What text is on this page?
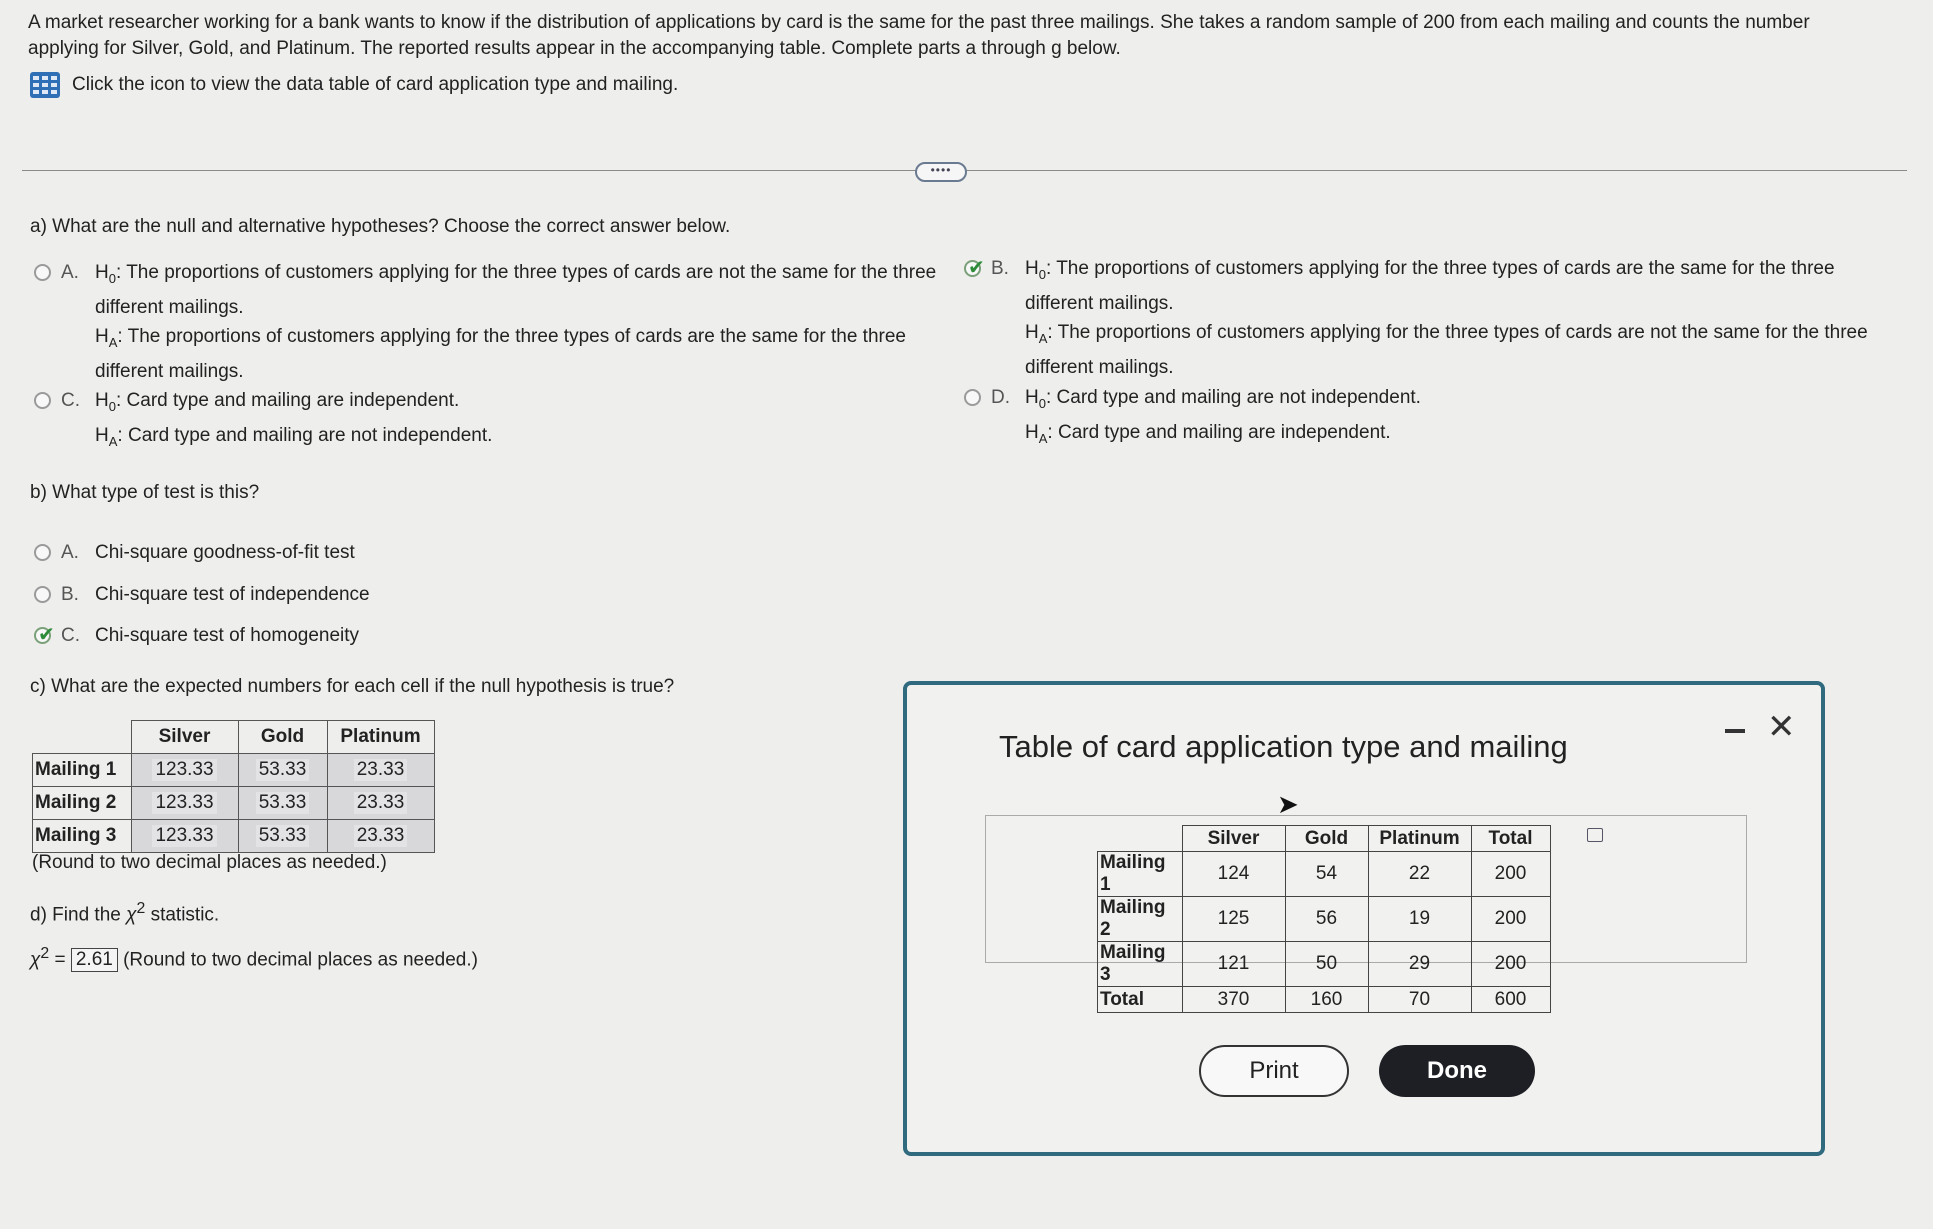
A market researcher working for a bank wants to know if the distribution of applications by card is the same for the past three mailings. She takes a random sample of 200 from each mailing and counts the number applying for Silver, Gold, and Platinum. The reported results appear in the accompanying table. Complete parts a through g below.
Click the icon to view the data table of card application type and mailing.
••••
a) What are the null and alternative hypotheses? Choose the correct answer below.
A. $H_0$: The proportions of customers applying for the three types of cards are not the same for the three different mailings.
$H_A$: The proportions of customers applying for the three types of cards are the same for the three different mailings.
✔ B. $H_0$: The proportions of customers applying for the three types of cards are the same for the three different mailings.
$H_A$: The proportions of customers applying for the three types of cards are not the same for the three different mailings.
C. $H_0$: Card type and mailing are independent.
$H_A$: Card type and mailing are not independent.
D. $H_0$: Card type and mailing are not independent.
$H_A$: Card type and mailing are independent.
b) What type of test is this?
A. Chi-square goodness-of-fit test
B. Chi-square test of independence
✔ C. Chi-square test of homogeneity
c) What are the expected numbers for each cell if the null hypothesis is true?
	Silver	Gold	Platinum
Mailing 1	123.33	53.33	23.33
Mailing 2	123.33	53.33	23.33
Mailing 3	123.33	53.33	23.33
(Round to two decimal places as needed.)
d) Find the $\chi^2$ statistic.
$\chi^2 = 2.61$ (Round to two decimal places as needed.)
Table of card application type and mailing
✕
➤
	Silver	Gold	Platinum	Total
Mailing 1	124	54	22	200
Mailing 2	125	56	19	200
Mailing 3	121	50	29	200
Total	370	160	70	600
Print	Done
